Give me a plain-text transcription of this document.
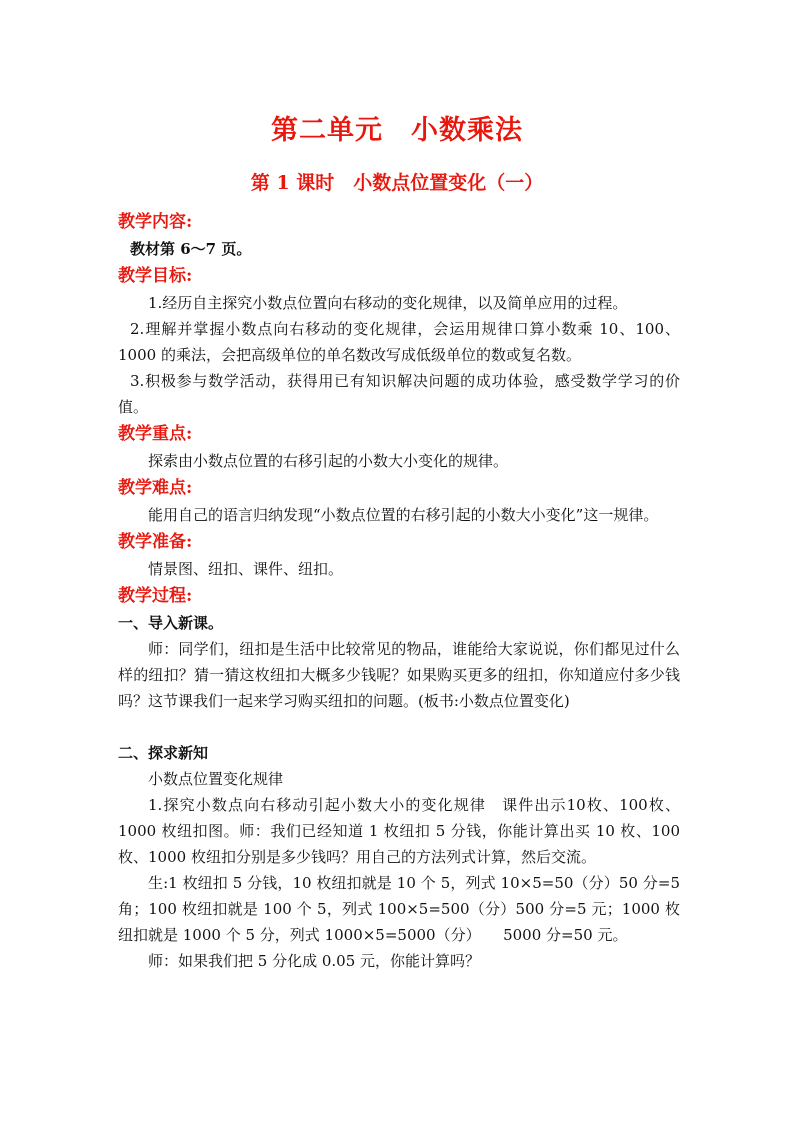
第二单元　小数乘法
第 1 课时　小数点位置变化（一）
教学内容:

教材第 6～7 页。

教学目标:

1.经历自主探究小数点位置向右移动的变化规律，以及简单应用的过程。

2.理解并掌握小数点向右移动的变化规律，会运用规律口算小数乘 10、100、1000 的乘法，会把高级单位的单名数改写成低级单位的数或复名数。

3.积极参与数学活动，获得用已有知识解决问题的成功体验，感受数学学习的价值。

教学重点:

探索由小数点位置的右移引起的小数大小变化的规律。

教学难点:

能用自己的语言归纳发现“小数点位置的右移引起的小数大小变化”这一规律。

教学准备:

情景图、纽扣、课件、纽扣。

教学过程:
一、导入新课。

师：同学们，纽扣是生活中比较常见的物品，谁能给大家说说，你们都见过什么样的纽扣？猜一猜这枚纽扣大概多少钱呢？如果购买更多的纽扣，你知道应付多少钱吗？这节课我们一起来学习购买纽扣的问题。(板书:小数点位置变化)

二、探求新知

小数点位置变化规律

1.探究小数点向右移动引起小数大小的变化规律　课件出示10枚、100枚、1000 枚纽扣图。师：我们已经知道 1 枚纽扣 5 分钱，你能计算出买 10 枚、100枚、1000 枚纽扣分别是多少钱吗？用自己的方法列式计算，然后交流。

生:1 枚纽扣 5 分钱，10 枚纽扣就是 10 个 5，列式 10×5=50（分）50 分=5角；100 枚纽扣就是 100 个 5，列式 100×5=500（分）500 分=5 元；1000 枚纽扣就是 1000 个 5 分，列式 1000×5=5000（分）　　5000 分=50 元。

师：如果我们把 5 分化成 0.05 元，你能计算吗？
